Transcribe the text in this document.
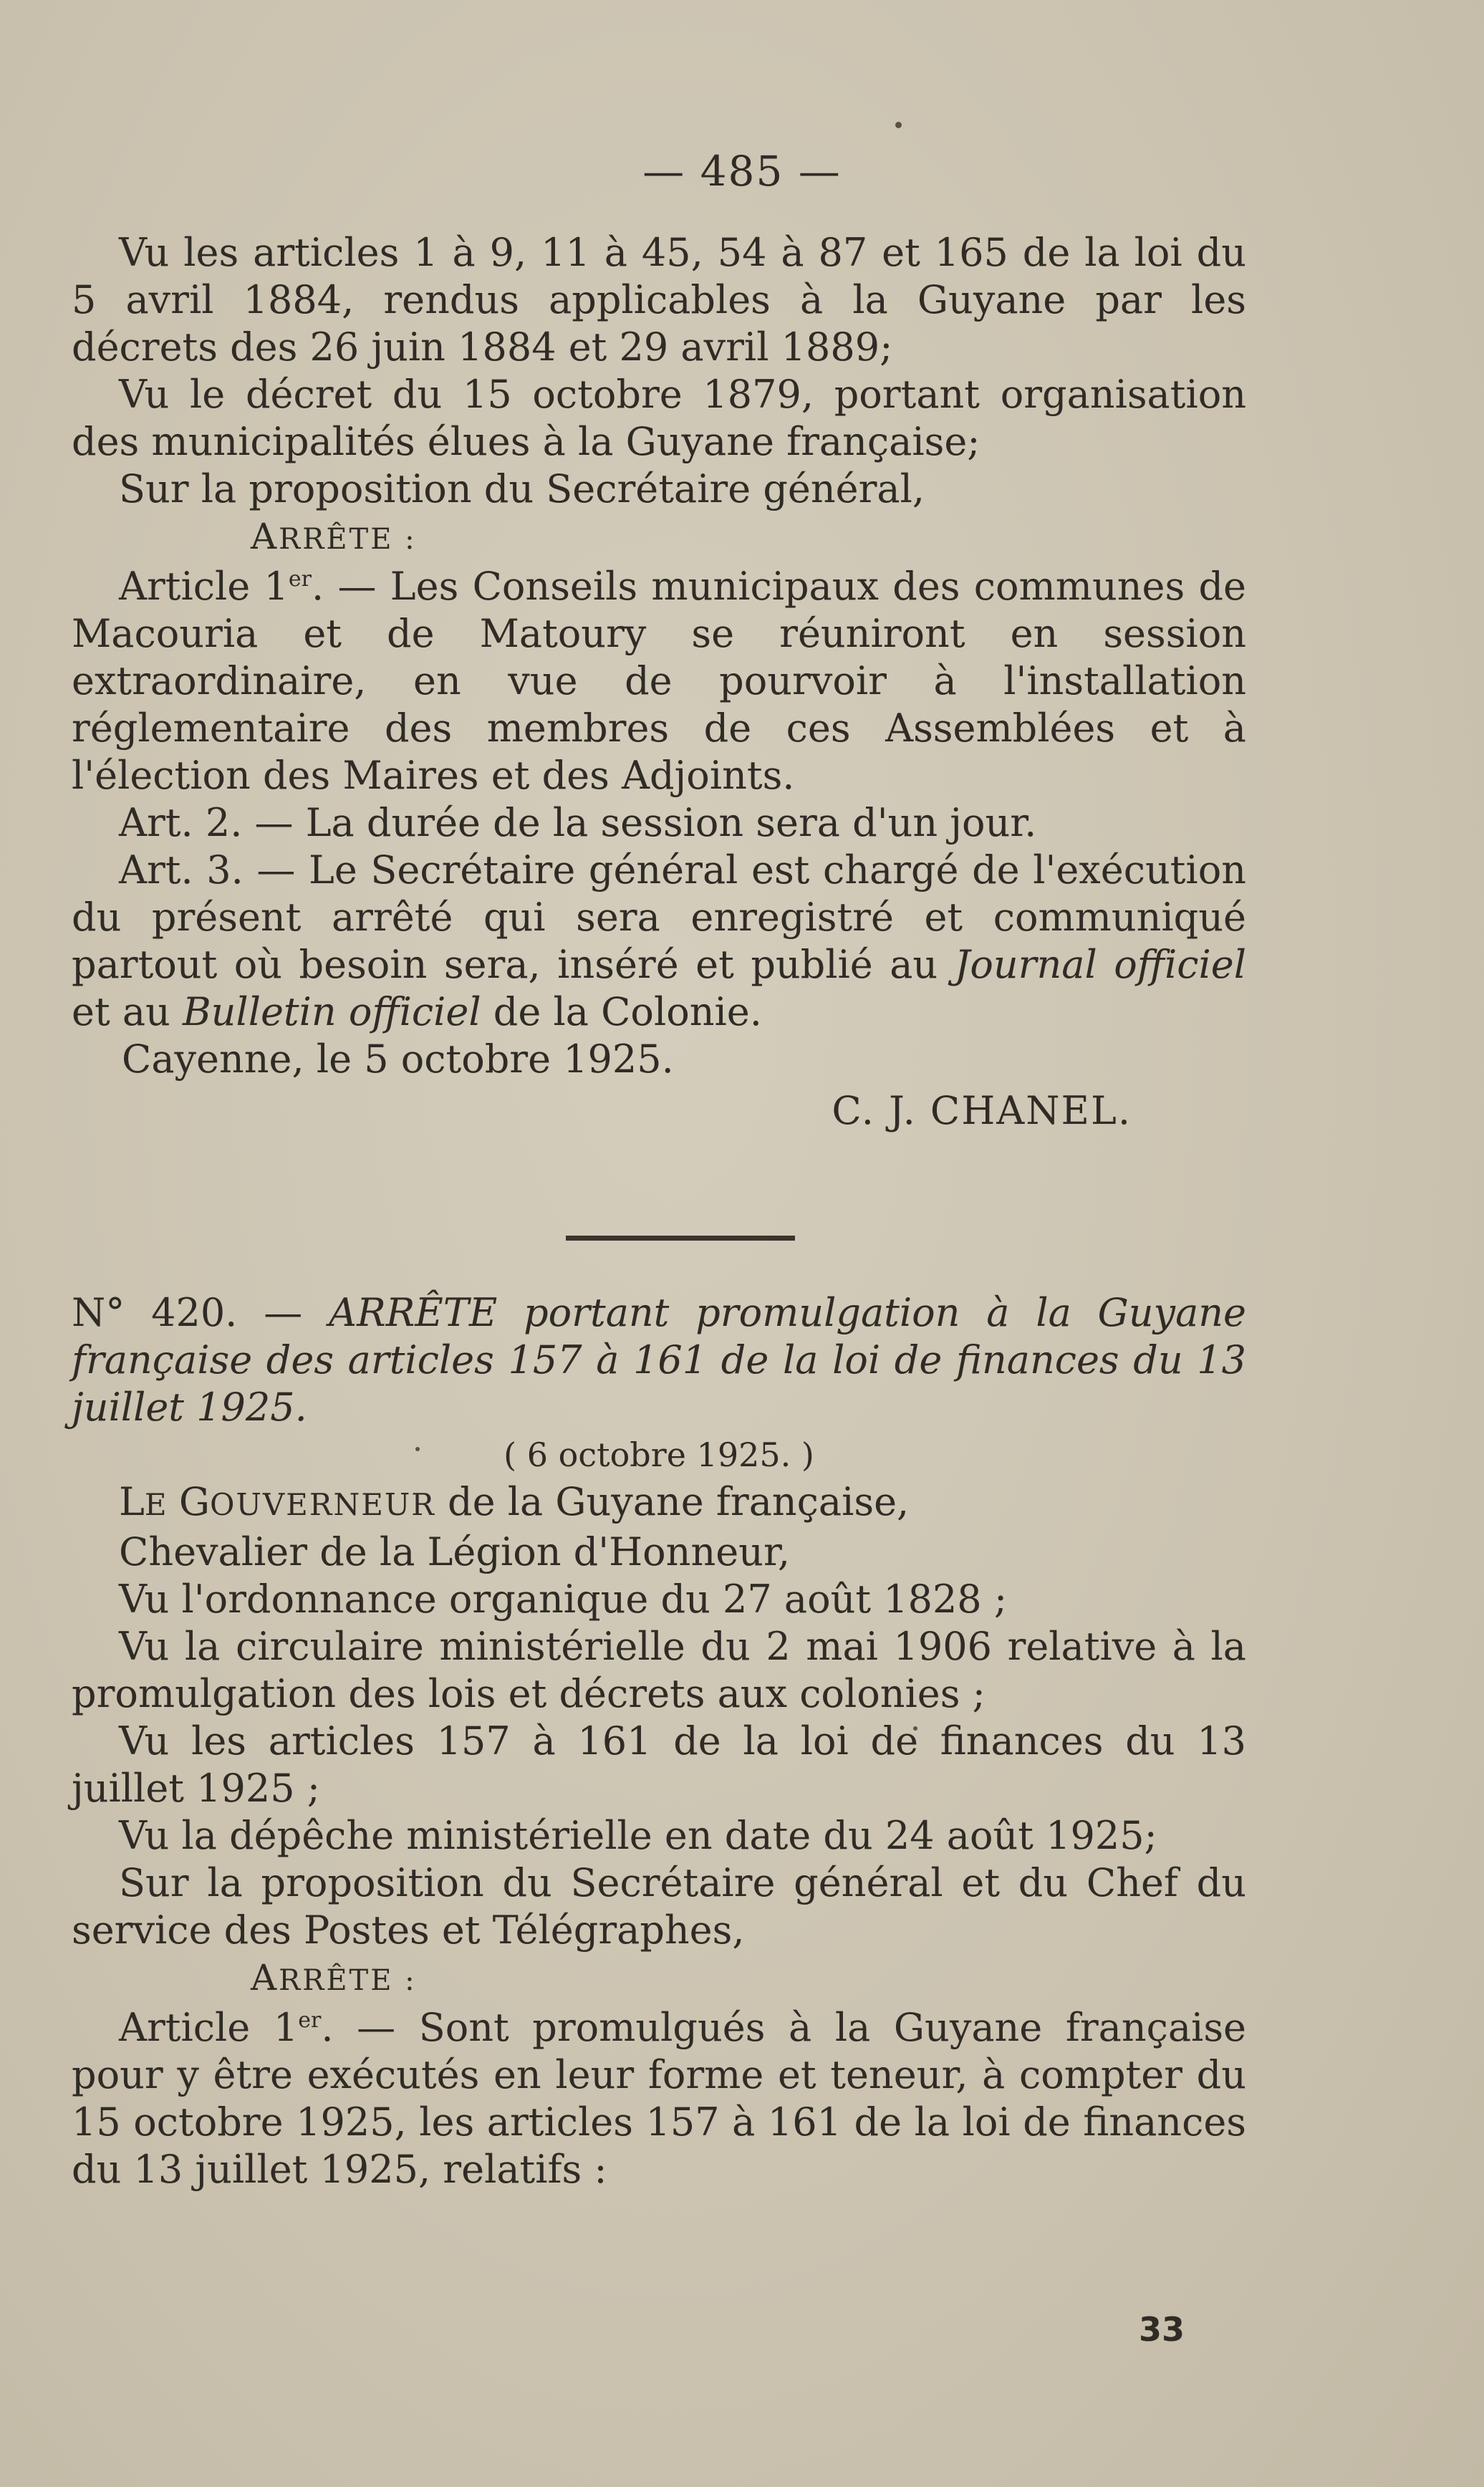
— 485 —

Vu les articles 1 à 9, 11 à 45, 54 à 87 et 165 de la loi du 5 avril 1884, rendus applicables à la Guyane par les décrets des 26 juin 1884 et 29 avril 1889;

Vu le décret du 15 octobre 1879, portant organisation des municipalités élues à la Guyane française;

Sur la proposition du Secrétaire général,

ARRÊTE :

Article 1er. — Les Conseils municipaux des communes de Macouria et de Matoury se réuniront en session extraordinaire, en vue de pourvoir à l'installation réglementaire des membres de ces Assemblées et à l'élection des Maires et des Adjoints.

Art. 2. — La durée de la session sera d'un jour.

Art. 3. — Le Secrétaire général est chargé de l'exécution du présent arrêté qui sera enregistré et communiqué partout où besoin sera, inséré et publié au Journal officiel et au Bulletin officiel de la Colonie.

Cayenne, le 5 octobre 1925.

C. J. CHANEL.

N° 420. — ARRÊTE portant promulgation à la Guyane française des articles 157 à 161 de la loi de finances du 13 juillet 1925.

( 6 octobre 1925. )

LE GOUVERNEUR de la Guyane française,

Chevalier de la Légion d'Honneur,

Vu l'ordonnance organique du 27 août 1828 ;

Vu la circulaire ministérielle du 2 mai 1906 relative à la promulgation des lois et décrets aux colonies ;

Vu les articles 157 à 161 de la loi de finances du 13 juillet 1925 ;

Vu la dépêche ministérielle en date du 24 août 1925;

Sur la proposition du Secrétaire général et du Chef du service des Postes et Télégraphes,

ARRÊTE :

Article 1er. — Sont promulgués à la Guyane française pour y être exécutés en leur forme et teneur, à compter du 15 octobre 1925, les articles 157 à 161 de la loi de finances du 13 juillet 1925, relatifs :

33
